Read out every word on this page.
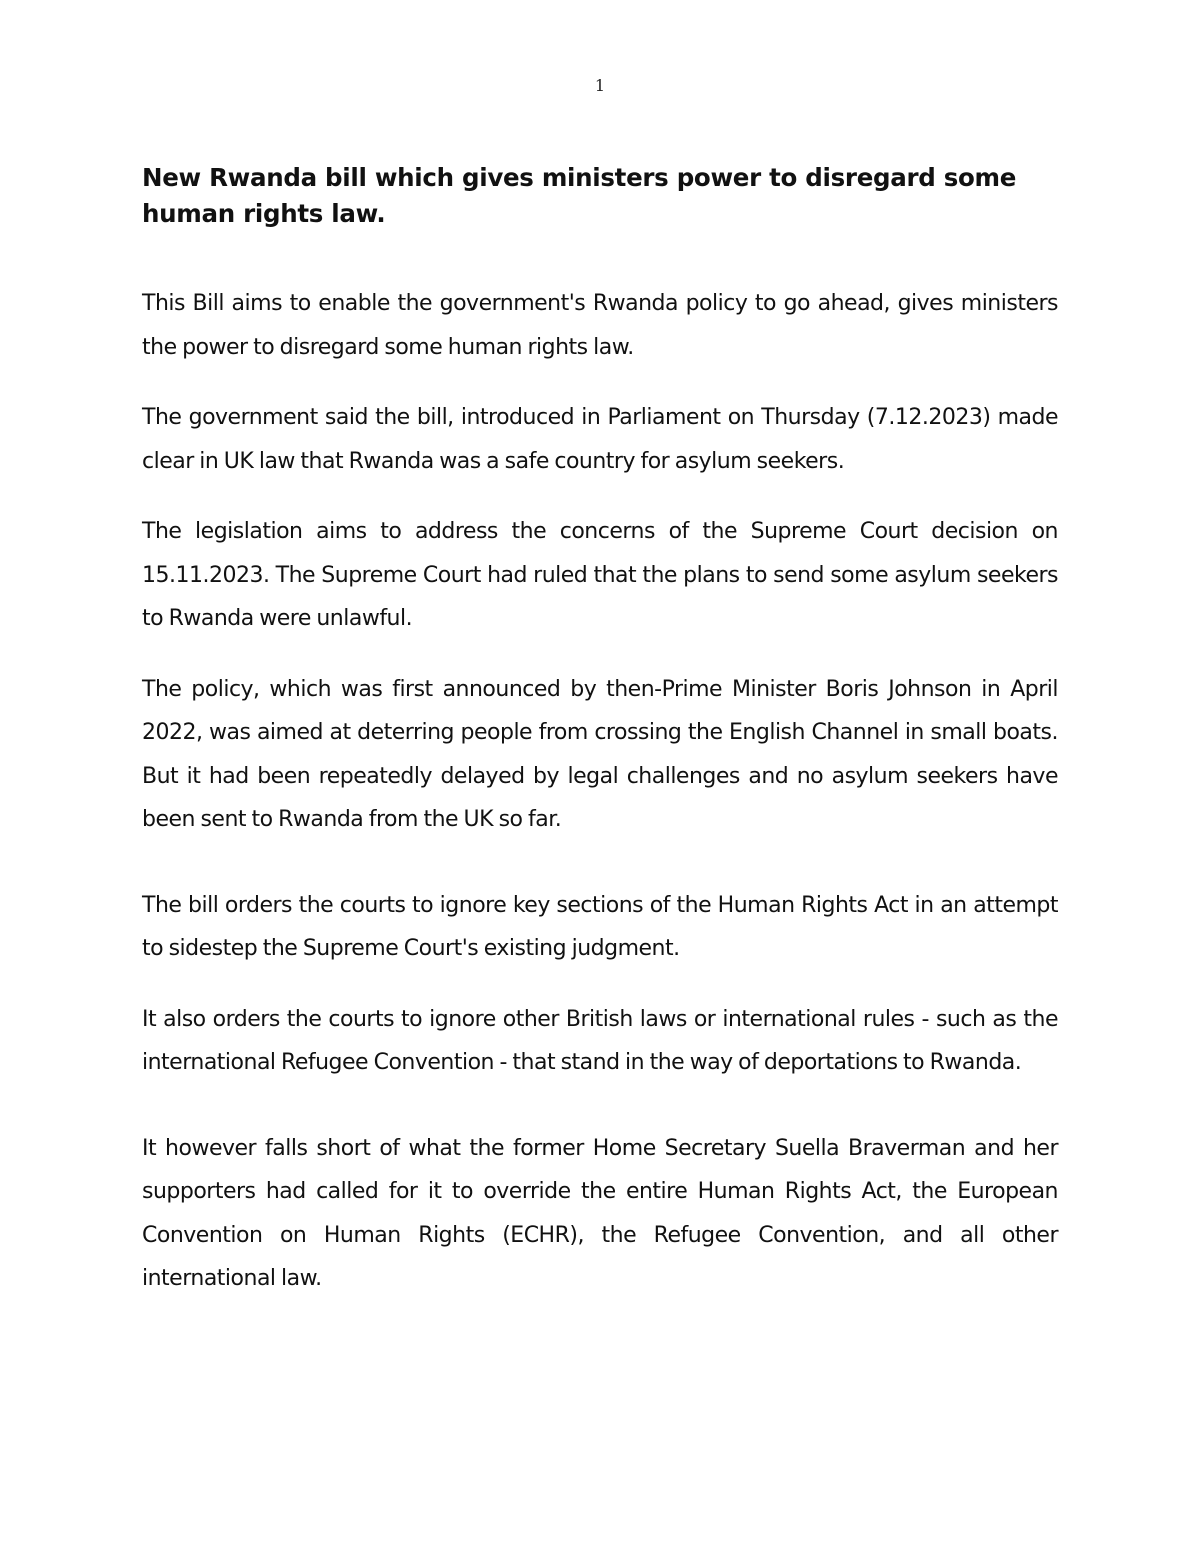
1
New Rwanda bill which gives ministers power to disregard some human rights law.

This Bill aims to enable the government's Rwanda policy to go ahead, gives ministers the power to disregard some human rights law.

The government said the bill, introduced in Parliament on Thursday (7.12.2023) made clear in UK law that Rwanda was a safe country for asylum seekers.

The legislation aims to address the concerns of the Supreme Court decision on 15.11.2023. The Supreme Court had ruled that the plans to send some asylum seekers to Rwanda were unlawful.

The policy, which was first announced by then-Prime Minister Boris Johnson in April 2022, was aimed at deterring people from crossing the English Channel in small boats. But it had been repeatedly delayed by legal challenges and no asylum seekers have been sent to Rwanda from the UK so far.

The bill orders the courts to ignore key sections of the Human Rights Act in an attempt to sidestep the Supreme Court's existing judgment.

It also orders the courts to ignore other British laws or international rules - such as the international Refugee Convention - that stand in the way of deportations to Rwanda.

It however falls short of what the former Home Secretary Suella Braverman and her supporters had called for it to override the entire Human Rights Act, the European Convention on Human Rights (ECHR), the Refugee Convention, and all other international law.
